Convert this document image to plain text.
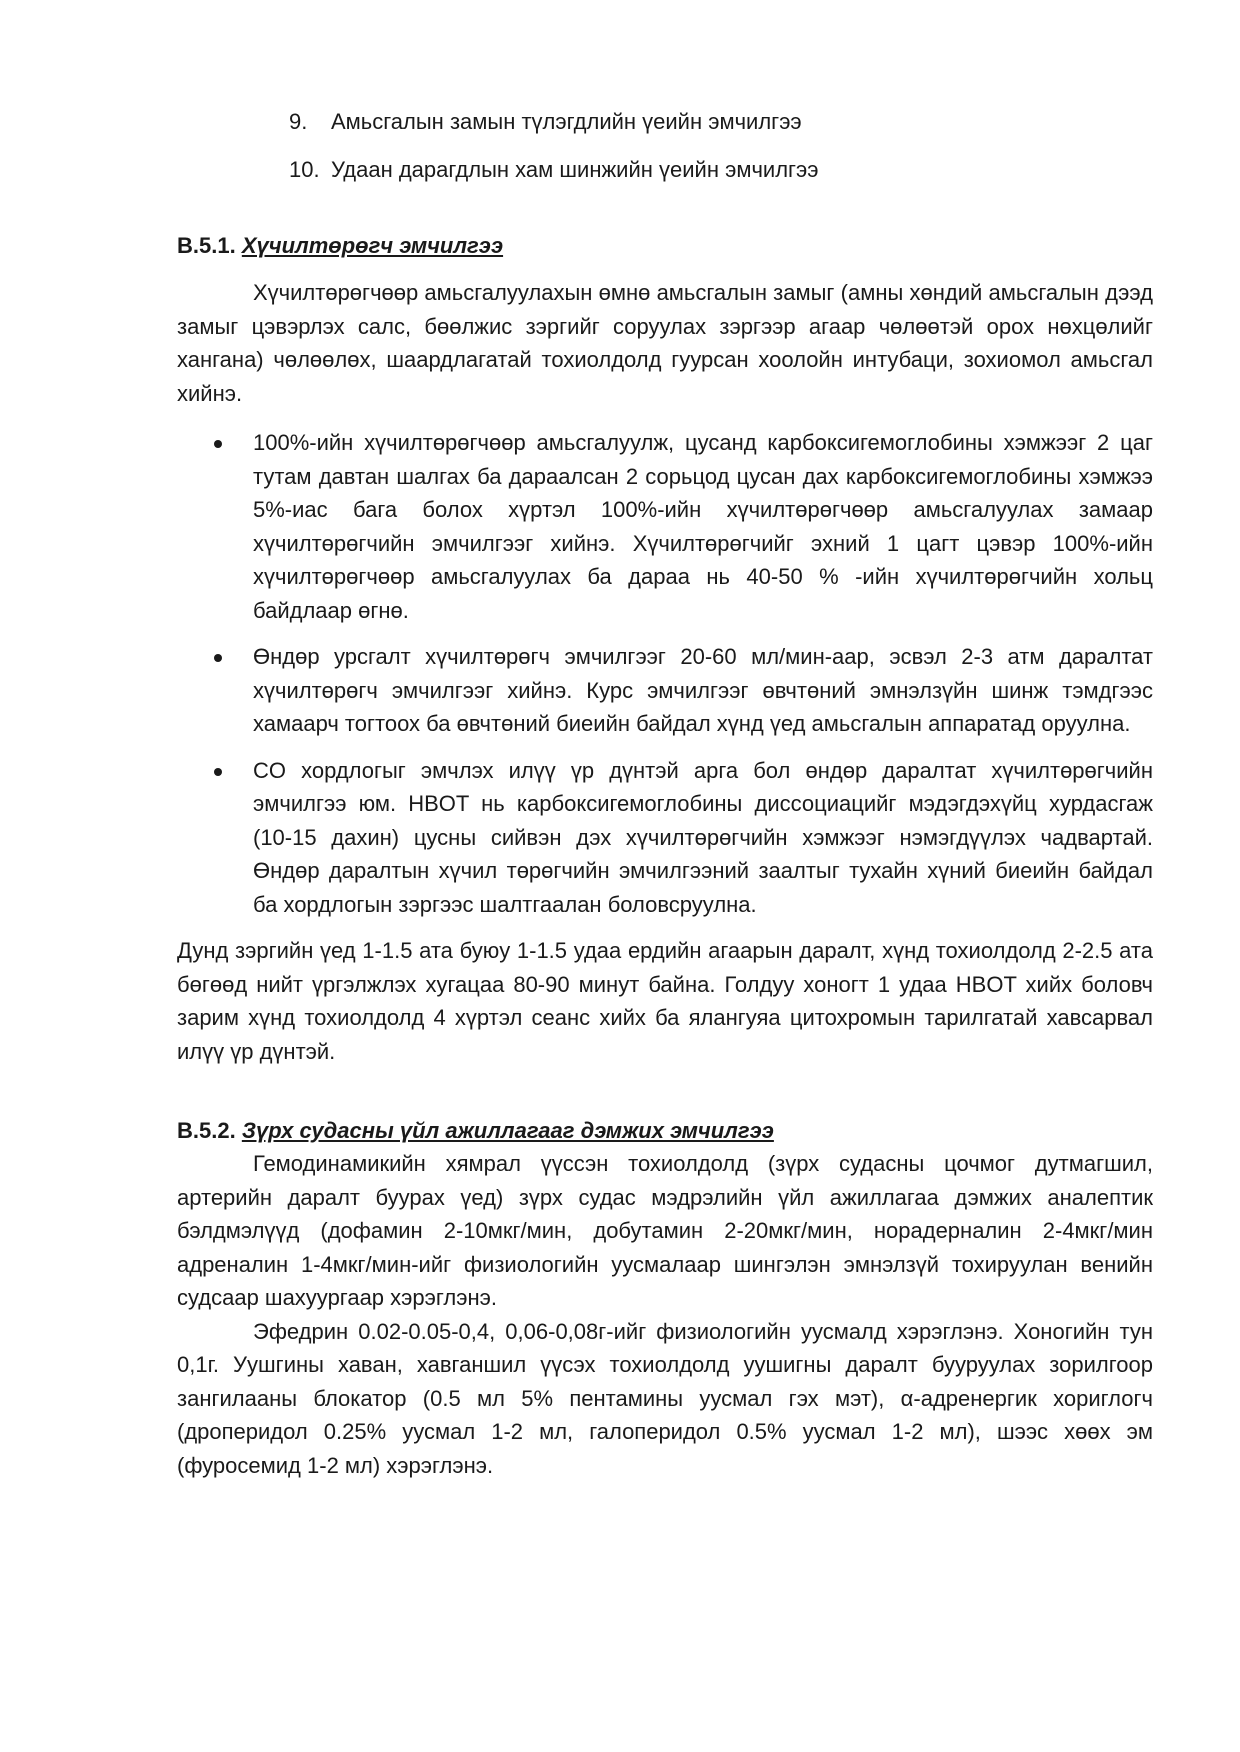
9.	Амьсгалын замын түлэгдлийн үеийн эмчилгээ
10. Удаан дарагдлын хам шинжийн үеийн эмчилгээ
B.5.1. Хүчилтөрөгч эмчилгээ

Хүчилтөрөгчөөр амьсгалуулахын өмнө амьсгалын замыг (амны хөндий амьсгалын дээд замыг цэвэрлэх салс, бөөлжис зэргийг соруулах зэргээр агаар чөлөөтэй орох нөхцөлийг хангана) чөлөөлөх, шаардлагатай тохиолдолд гуурсан хоолойн интубаци, зохиомол амьсгал хийнэ.

100%-ийн хүчилтөрөгчөөр амьсгалуулж, цусанд карбоксигемоглобины хэмжээг 2 цаг тутам давтан шалгах ба дараалсан 2 сорьцод цусан дах карбоксигемоглобины хэмжээ 5%-иас бага болох хүртэл 100%-ийн хүчилтөрөгчөөр амьсгалуулах замаар хүчилтөрөгчийн эмчилгээг хийнэ. Хүчилтөрөгчийг эхний 1 цагт цэвэр 100%-ийн хүчилтөрөгчөөр амьсгалуулах ба дараа нь 40-50 % -ийн хүчилтөрөгчийн хольц байдлаар өгнө.

Өндөр урсгалт хүчилтөрөгч эмчилгээг 20-60 мл/мин-аар, эсвэл 2-3 атм даралтат хүчилтөрөгч эмчилгээг хийнэ. Курс эмчилгээг өвчтөний эмнэлзүйн шинж тэмдгээс хамаарч тогтоох ба өвчтөний биеийн байдал хүнд үед амьсгалын аппаратад оруулна.

CO хордлогыг эмчлэх илүү үр дүнтэй арга бол өндөр даралтат хүчилтөрөгчийн эмчилгээ юм. HBOT нь карбоксигемоглобины диссоциацийг мэдэгдэхүйц хурдасгаж (10-15 дахин) цусны сийвэн дэх хүчилтөрөгчийн хэмжээг нэмэгдүүлэх чадвартай. Өндөр даралтын хүчил төрөгчийн эмчилгээний заалтыг тухайн хүний биеийн байдал ба хордлогын зэргээс шалтгаалан боловсруулна.

Дунд зэргийн үед 1-1.5 ата буюу 1-1.5 удаа ердийн агаарын даралт, хүнд тохиолдолд 2-2.5 ата бөгөөд нийт үргэлжлэх хугацаа 80-90 минут байна. Голдуу хоногт 1 удаа HBOT хийх боловч зарим хүнд тохиолдолд 4 хүртэл сеанс хийх ба ялангуяа цитохромын тарилгатай хавсарвал илүү үр дүнтэй.

B.5.2. Зүрх судасны үйл ажиллагааг дэмжих эмчилгээ

Гемодинамикийн хямрал үүссэн тохиолдолд (зүрх судасны цочмог дутмагшил, артерийн даралт буурах үед) зүрх судас мэдрэлийн үйл ажиллагаа дэмжих аналептик бэлдмэлүүд (дофамин 2-10мкг/мин, добутамин 2-20мкг/мин, норадерналин 2-4мкг/мин адреналин 1-4мкг/мин-ийг физиологийн уусмалаар шингэлэн эмнэлзүй тохируулан венийн судсаар шахуургаар хэрэглэнэ.

Эфедрин 0.02-0.05-0,4, 0,06-0,08г-ийг физиологийн уусмалд хэрэглэнэ. Хоногийн тун 0,1г. Уушгины хаван, хавганшил үүсэх тохиолдолд уушигны даралт бууруулах зорилгоор зангилааны блокатор (0.5 мл 5% пентамины уусмал гэх мэт), α-адренергик хориглогч (дроперидол 0.25% уусмал 1-2 мл, галоперидол 0.5% уусмал 1-2 мл), шээс хөөх эм (фуросемид 1-2 мл) хэрэглэнэ.
